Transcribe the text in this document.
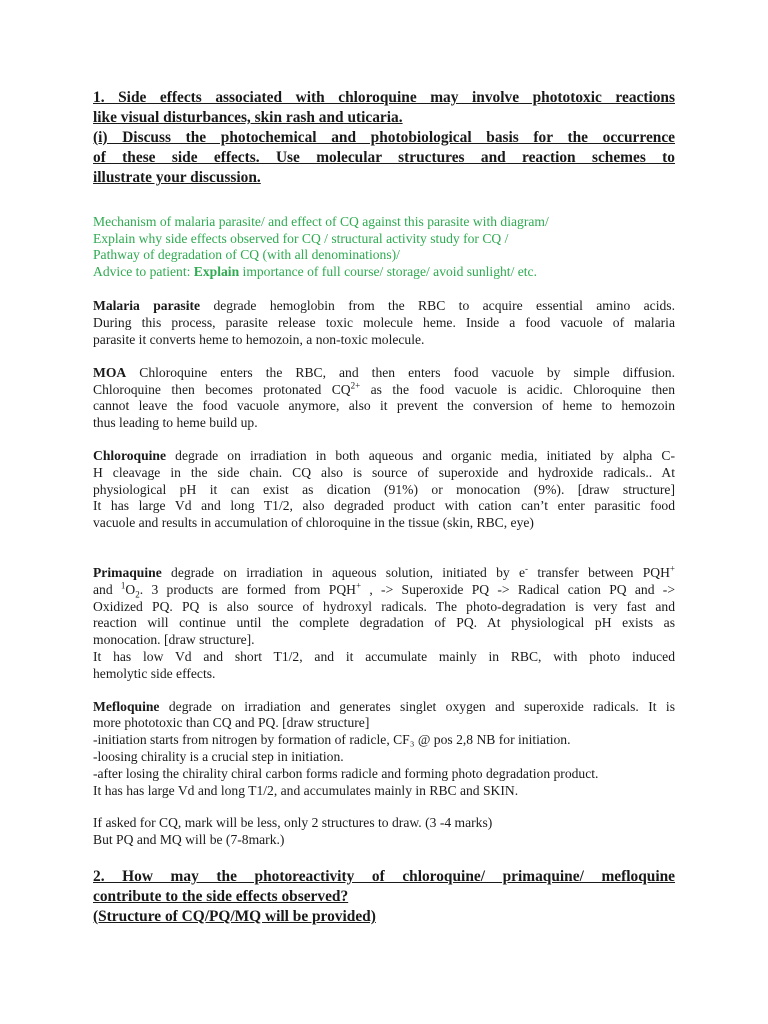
1. Side effects associated with chloroquine may involve phototoxic reactions
like visual disturbances, skin rash and uticaria.
(i) Discuss the photochemical and photobiological basis for the occurrence
of these side effects. Use molecular structures and reaction schemes to
illustrate your discussion.
Mechanism of malaria parasite/ and effect of CQ against this parasite with diagram/
Explain why side effects observed for CQ / structural activity study for CQ /
Pathway of degradation of CQ (with all denominations)/
Advice to patient: Explain importance of full course/ storage/ avoid sunlight/ etc.

Malaria parasite degrade hemoglobin from the RBC to acquire essential amino acids.
During this process, parasite release toxic molecule heme. Inside a food vacuole of malaria
parasite it converts heme to hemozoin, a non-toxic molecule.

MOA Chloroquine enters the RBC, and then enters food vacuole by simple diffusion.
Chloroquine then becomes protonated $CQ^{2+}$ as the food vacuole is acidic. Chloroquine then
cannot leave the food vacuole anymore, also it prevent the conversion of heme to hemozoin
thus leading to heme build up.

Chloroquine degrade on irradiation in both aqueous and organic media, initiated by alpha C-
H cleavage in the side chain. CQ also is source of superoxide and hydroxide radicals.. At
physiological pH it can exist as dication (91%) or monocation (9%). [draw structure]
It has large Vd and long T1/2, also degraded product with cation can’t enter parasitic food
vacuole and results in accumulation of chloroquine in the tissue (skin, RBC, eye)

Primaquine degrade on irradiation in aqueous solution, initiated by e- transfer between PQH+
and $^1O_2$. 3 products are formed from PQH+ , -> Superoxide PQ -> Radical cation PQ and ->
Oxidized PQ. PQ is also source of hydroxyl radicals. The photo-degradation is very fast and
reaction will continue until the complete degradation of PQ. At physiological pH exists as
monocation. [draw structure].
It has low Vd and short T1/2, and it accumulate mainly in RBC, with photo induced
hemolytic side effects.

Mefloquine degrade on irradiation and generates singlet oxygen and superoxide radicals. It is
more phototoxic than CQ and PQ. [draw structure]
-initiation starts from nitrogen by formation of radicle, CF₃ @ pos 2,8 NB for initiation.
-loosing chirality is a crucial step in initiation.
-after losing the chirality chiral carbon forms radicle and forming photo degradation product.
It has has large Vd and long T1/2, and accumulates mainly in RBC and SKIN.

If asked for CQ, mark will be less, only 2 structures to draw. (3 -4 marks)
But PQ and MQ will be (7-8mark.)

2. How may the photoreactivity of chloroquine/ primaquine/ mefloquine
contribute to the side effects observed?
(Structure of CQ/PQ/MQ will be provided)
